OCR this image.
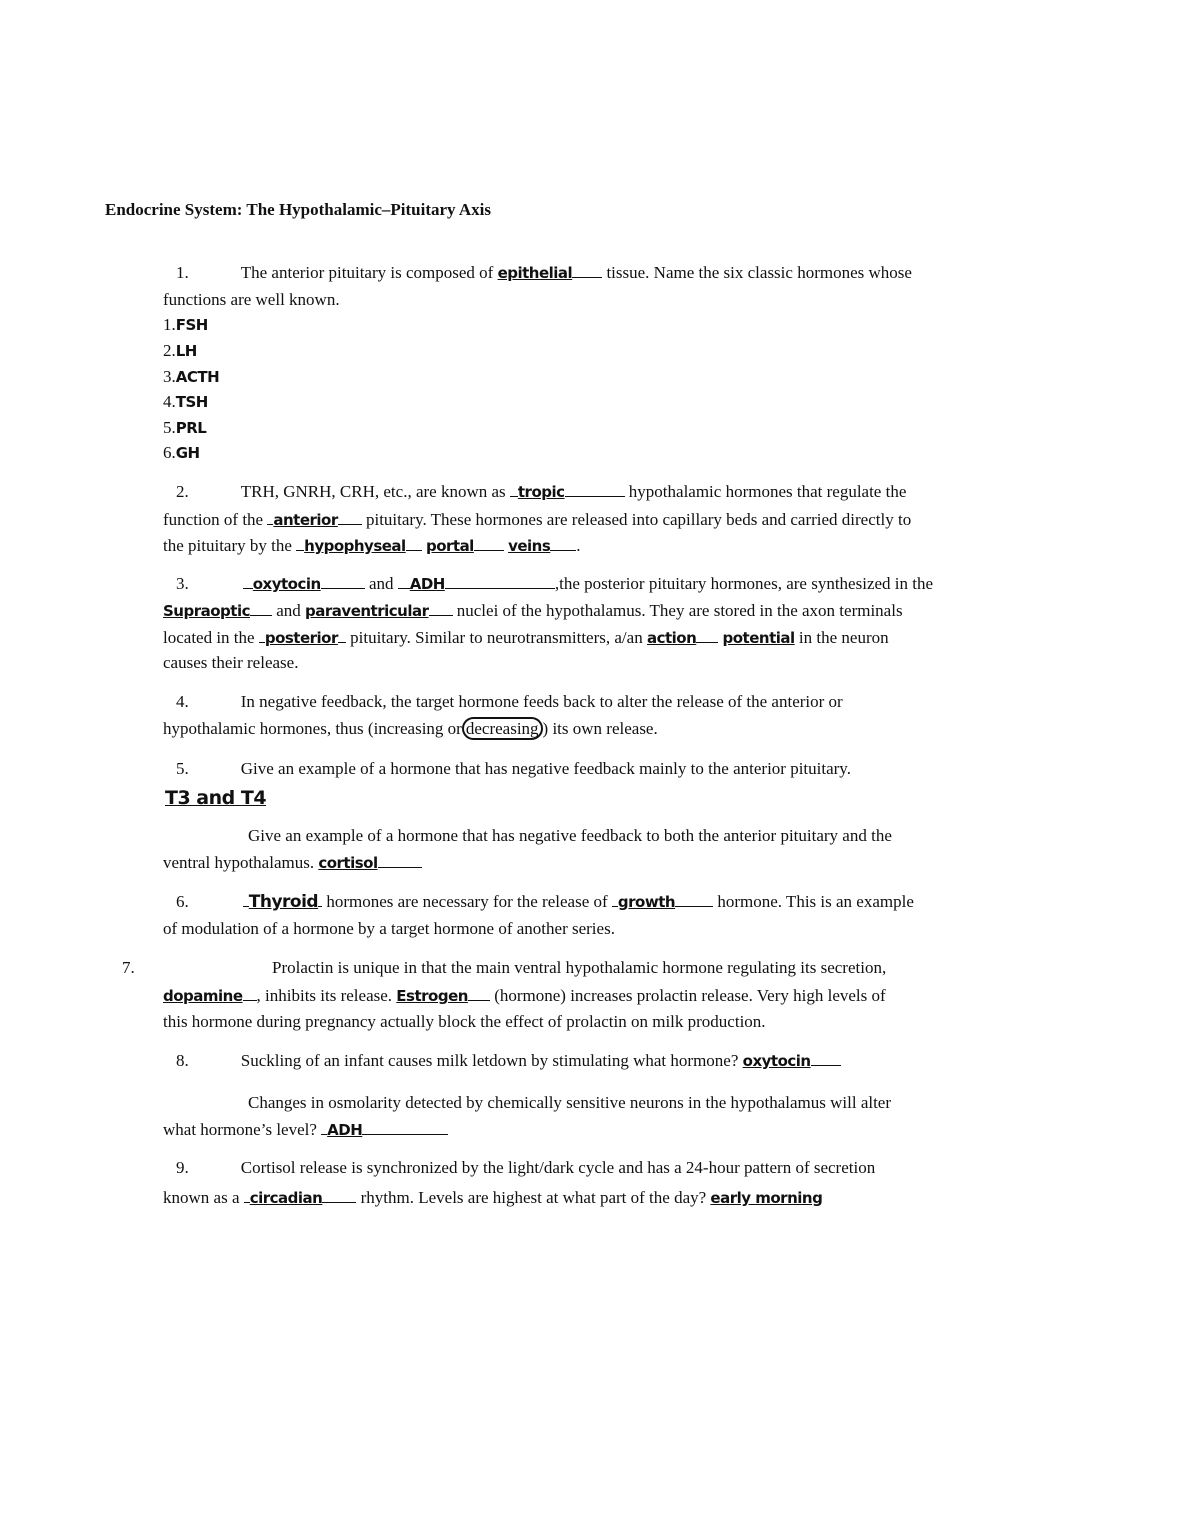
Endocrine System: The Hypothalamic–Pituitary Axis
1.	The anterior pituitary is composed of epithelial tissue. Name the six classic hormones whose
functions are well known.
1.FSH
2.LH
3.ACTH
4.TSH
5.PRL
6.GH
2.	TRH, GNRH, CRH, etc., are known as tropic	hypothalamic hormones that regulate the
function of the anterior pituitary. These hormones are released into capillary beds and carried directly to
the pituitary by the hypophyseal portal veins .
3.	oxytocin	and ADH	,the posterior pituitary hormones, are synthesized in the
Supraoptic and paraventricular nuclei of the hypothalamus. They are stored in the axon terminals
located in the posterior pituitary. Similar to neurotransmitters, a/an action potential in the neuron
causes their release.
4.	In negative feedback, the target hormone feeds back to alter the release of the anterior or
hypothalamic hormones, thus (increasing or decreasing ) its own release.
5.	Give an example of a hormone that has negative feedback mainly to the anterior pituitary.
T3 and T4
Give an example of a hormone that has negative feedback to both the anterior pituitary and the
ventral hypothalamus. cortisol
6.	Thyroid hormones are necessary for the release of growth hormone. This is an example
of modulation of a hormone by a target hormone of another series.
7.	Prolactin is unique in that the main ventral hypothalamic hormone regulating its secretion,
dopamine , inhibits its release. Estrogen (hormone) increases prolactin release. Very high levels of
this hormone during pregnancy actually block the effect of prolactin on milk production.
8.	Suckling of an infant causes milk letdown by stimulating what hormone? oxytocin
Changes in osmolarity detected by chemically sensitive neurons in the hypothalamus will alter
what hormone’s level? ADH
9.	Cortisol release is synchronized by the light/dark cycle and has a 24-hour pattern of secretion
known as a circadian rhythm. Levels are highest at what part of the day? early morning
